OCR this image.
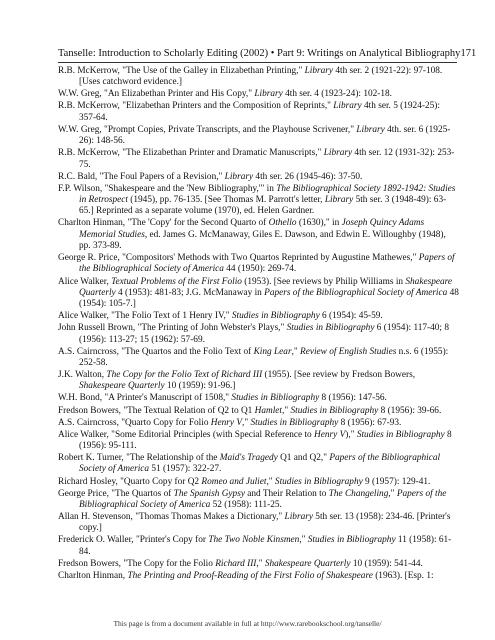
Tanselle: Introduction to Scholarly Editing (2002) • Part 9: Writings on Analytical Bibliography 171
R.B. McKerrow, "The Use of the Galley in Elizabethan Printing," Library 4th ser. 2 (1921-22): 97-108. [Uses catchword evidence.]
W.W. Greg, "An Elizabethan Printer and His Copy," Library 4th ser. 4 (1923-24): 102-18.
R.B. McKerrow, "Elizabethan Printers and the Composition of Reprints," Library 4th ser. 5 (1924-25): 357-64.
W.W. Greg, "Prompt Copies, Private Transcripts, and the Playhouse Scrivener," Library 4th. ser. 6 (1925-26): 148-56.
R.B. McKerrow, "The Elizabethan Printer and Dramatic Manuscripts," Library 4th ser. 12 (1931-32): 253-75.
R.C. Bald, "The Foul Papers of a Revision," Library 4th ser. 26 (1945-46): 37-50.
F.P. Wilson, "Shakespeare and the 'New Bibliography,'" in The Bibliographical Society 1892-1942: Studies in Retrospect (1945), pp. 76-135. [See Thomas M. Parrott's letter, Library 5th ser. 3 (1948-49): 63-65.] Reprinted as a separate volume (1970), ed. Helen Gardner.
Charlton Hinman, "The 'Copy' for the Second Quarto of Othello (1630)," in Joseph Quincy Adams Memorial Studies, ed. James G. McManaway, Giles E. Dawson, and Edwin E. Willoughby (1948), pp. 373-89.
George R. Price, "Compositors' Methods with Two Quartos Reprinted by Augustine Mathewes," Papers of the Bibliographical Society of America 44 (1950): 269-74.
Alice Walker, Textual Problems of the First Folio (1953). [See reviews by Philip Williams in Shakespeare Quarterly 4 (1953): 481-83; J.G. McManaway in Papers of the Bibliographical Society of America 48 (1954): 105-7.]
Alice Walker, "The Folio Text of 1 Henry IV," Studies in Bibliography 6 (1954): 45-59.
John Russell Brown, "The Printing of John Webster's Plays," Studies in Bibliography 6 (1954): 117-40; 8 (1956): 113-27; 15 (1962): 57-69.
A.S. Cairncross, "The Quartos and the Folio Text of King Lear," Review of English Studies n.s. 6 (1955): 252-58.
J.K. Walton, The Copy for the Folio Text of Richard III (1955). [See review by Fredson Bowers, Shakespeare Quarterly 10 (1959): 91-96.]
W.H. Bond, "A Printer's Manuscript of 1508," Studies in Bibliography 8 (1956): 147-56.
Fredson Bowers, "The Textual Relation of Q2 to Q1 Hamlet," Studies in Bibliography 8 (1956): 39-66.
A.S. Cairncross, "Quarto Copy for Folio Henry V," Studies in Bibliography 8 (1956): 67-93.
Alice Walker, "Some Editorial Principles (with Special Reference to Henry V)," Studies in Bibliography 8 (1956): 95-111.
Robert K. Turner, "The Relationship of the Maid's Tragedy Q1 and Q2," Papers of the Bibliographical Society of America 51 (1957): 322-27.
Richard Hosley, "Quarto Copy for Q2 Romeo and Juliet," Studies in Bibliography 9 (1957): 129-41.
George Price, "The Quartos of The Spanish Gypsy and Their Relation to The Changeling," Papers of the Bibliographical Society of America 52 (1958): 111-25.
Allan H. Stevenson, "Thomas Thomas Makes a Dictionary," Library 5th ser. 13 (1958): 234-46. [Printer's copy.]
Frederick O. Waller, "Printer's Copy for The Two Noble Kinsmen," Studies in Bibliography 11 (1958): 61-84.
Fredson Bowers, "The Copy for the Folio Richard III," Shakespeare Quarterly 10 (1959): 541-44.
Charlton Hinman, The Printing and Proof-Reading of the First Folio of Shakespeare (1963). [Esp. 1:
This page is from a document available in full at http://www.rarebookschool.org/tanselle/
